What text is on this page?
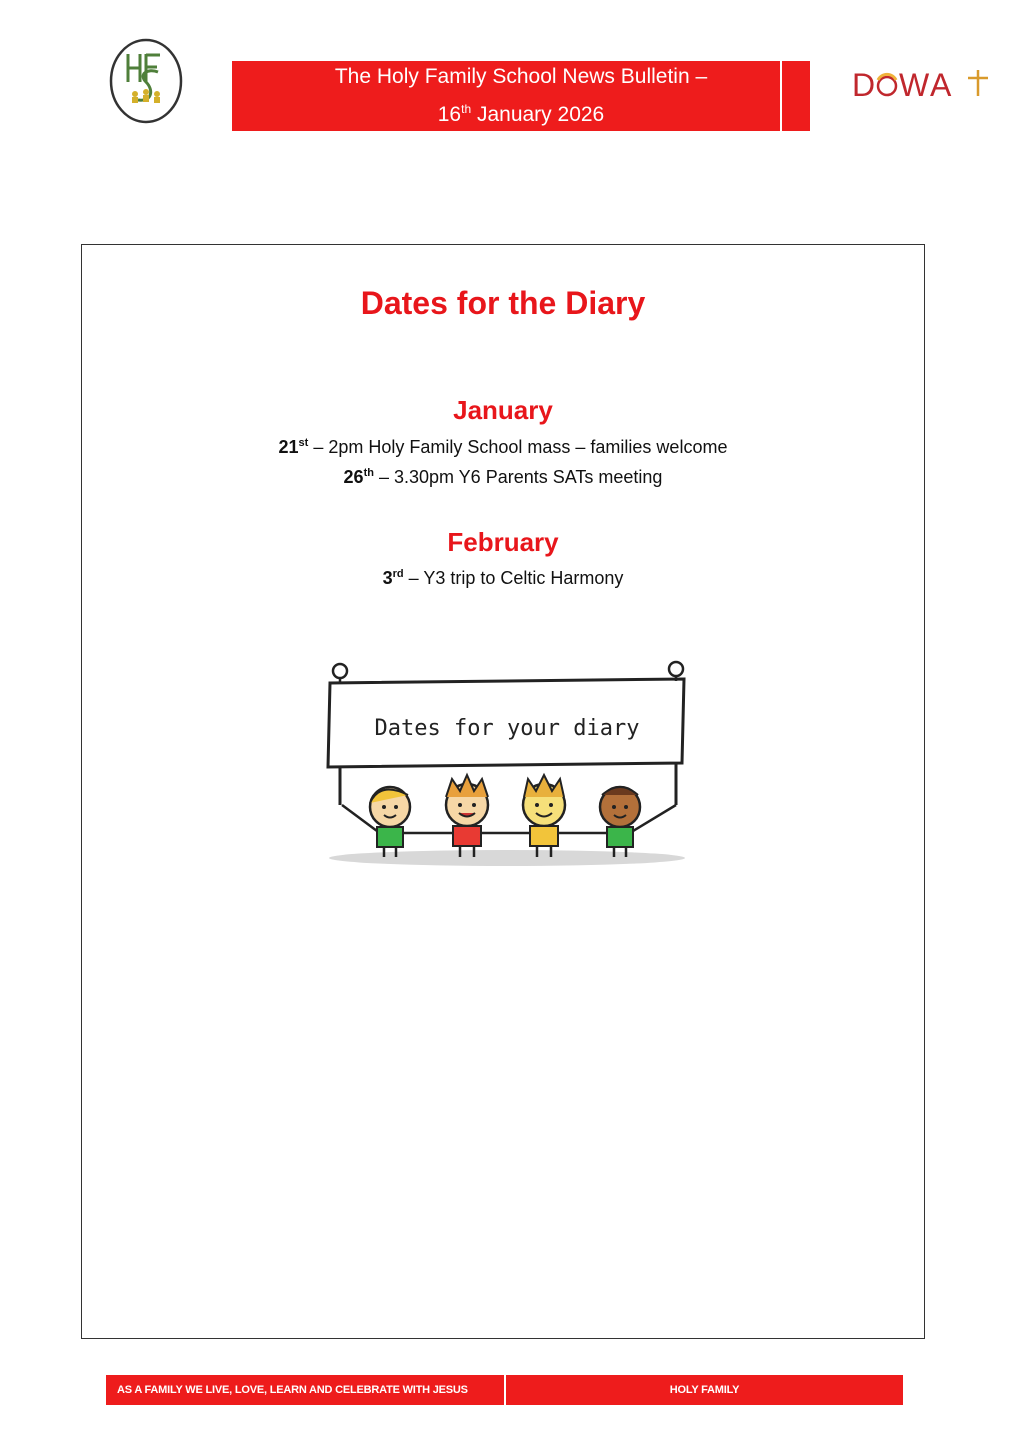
The Holy Family School News Bulletin –
16th January 2026
D WA
Dates for the Diary
January
21st – 2pm Holy Family School mass – families welcome
26th – 3.30pm Y6 Parents SATs meeting
February
3rd – Y3 trip to Celtic Harmony
Dates for your diary
AS A FAMILY WE LIVE, LOVE, LEARN AND CELEBRATE WITH JESUS	HOLY FAMILY
